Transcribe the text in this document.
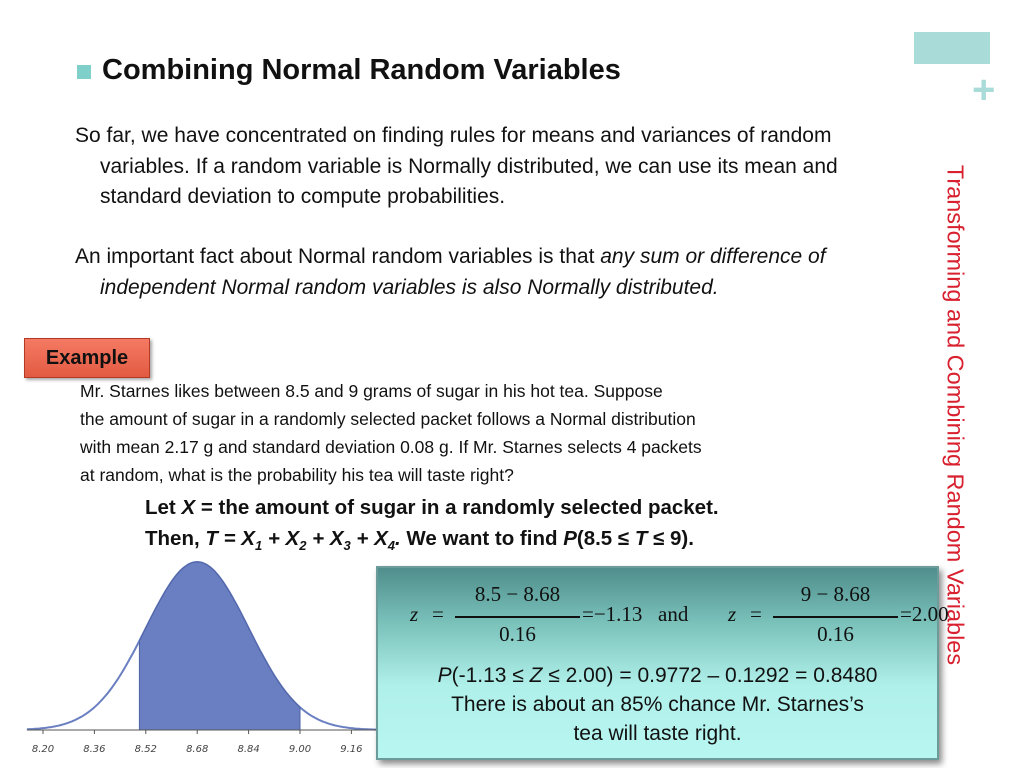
+
Transforming and Combining Random Variables
Combining Normal Random Variables
So far, we have concentrated on finding rules for means and variances of random variables. If a random variable is Normally distributed, we can use its mean and standard deviation to compute probabilities.
An important fact about Normal random variables is that any sum or difference of independent Normal random variables is also Normally distributed.
Example
Mr. Starnes likes between 8.5 and 9 grams of sugar in his hot tea. Suppose
the amount of sugar in a randomly selected packet follows a Normal distribution
with mean 2.17 g and standard deviation 0.08 g. If Mr. Starnes selects 4 packets
at random, what is the probability his tea will taste right?
Let X = the amount of sugar in a randomly selected packet.
Then, $T = X_1 + X_2 + X_3 + X_4$. We want to find P(8.5 ≤ T ≤ 9).
8.20	8.36	8.52	8.68	8.84	9.00	9.16
z =
8.5 − 8.68
0.16
=−1.13 and z =
9 − 8.68
0.16
=2.00
P(-1.13 ≤ Z ≤ 2.00) = 0.9772 – 0.1292 = 0.8480
There is about an 85% chance Mr. Starnes’s
tea will taste right.
